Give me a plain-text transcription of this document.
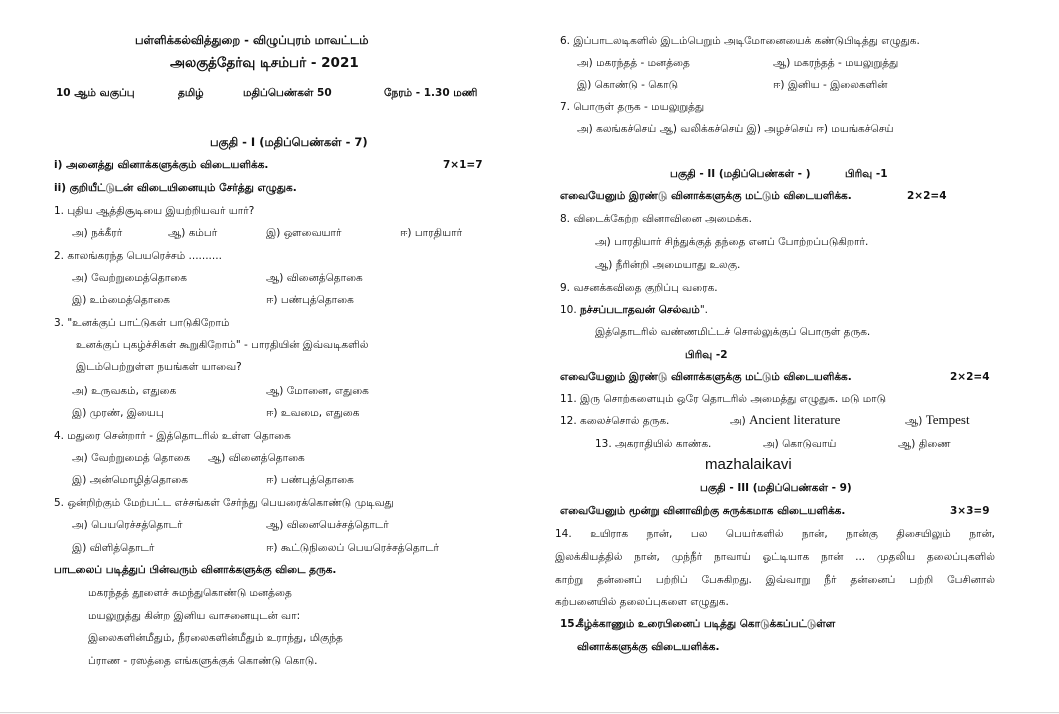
பள்ளிக்கல்வித்துறை - விழுப்புரம் மாவட்டம்
அலகுத்தேர்வு டிசம்பர் - 2021
10 ஆம் வகுப்பு	தமிழ்	மதிப்பெண்கள் 50	நேரம் - 1.30 மணி
பகுதி - I (மதிப்பெண்கள் - 7)
i) அனைத்து வினாக்களுக்கும் விடையளிக்க.	7×1=7
ii) குறியீட்டுடன் விடையினையும் சேர்த்து எழுதுக.
1. புதிய ஆத்திசூடியை இயற்றியவர் யார்?
அ) நக்கீரர்	ஆ) கம்பர்	இ) ஔவையார்	ஈ) பாரதியார்
2. காலங்கரந்த பெயரெச்சம் ..........
அ) வேற்றுமைத்தொகை	ஆ) வினைத்தொகை
இ) உம்மைத்தொகை	ஈ) பண்புத்தொகை
3. "உனக்குப் பாட்டுகள் பாடுகிறோம்
உனக்குப் புகழ்ச்சிகள் கூறுகிறோம்" - பாரதியின் இவ்வடிகளில்
இடம்பெற்றுள்ள நயங்கள் யாவை?
அ) உருவகம், எதுகை	ஆ) மோனை, எதுகை
இ) முரண், இயைபு	ஈ) உவமை, எதுகை
4. மதுரை சென்றார் - இத்தொடரில் உள்ள தொகை
அ) வேற்றுமைத் தொகை ஆ) வினைத்தொகை
இ) அன்மொழித்தொகை	ஈ) பண்புத்தொகை
5. ஒன்றிற்கும் மேற்பட்ட எச்சங்கள் சேர்ந்து பெயரைக்கொண்டு முடிவது
அ) பெயரெச்சத்தொடர்	ஆ) வினையெச்சத்தொடர்
இ) விளித்தொடர்	ஈ) கூட்டுநிலைப் பெயரெச்சத்தொடர்
பாடலைப் படித்துப் பின்வரும் வினாக்களுக்கு விடை தருக.
மகரந்தத் தூளைச் சுமந்துகொண்டு மனத்தை
மயலுறுத்து கின்ற இனிய வாசனையுடன் வா:
இலைகளின்மீதும், நீரலைகளின்மீதும் உராந்து, மிகுந்த
ப்ராண - ரஸத்தை எங்களுக்குக் கொண்டு கொடு.
6. இப்பாடலடிகளில் இடம்பெறும் அடிமோனையைக் கண்டுபிடித்து எழுதுக.
அ) மகரந்தத் - மனத்தை	ஆ) மகரந்தத் - மயலுறுத்து
இ) கொண்டு - கொடு	ஈ) இனிய - இலைகளின்
7. பொருள் தருக - மயலுறுத்து
அ) கலங்கச்செய் ஆ) வலிக்கச்செய் இ) அழச்செய் ஈ) மயங்கச்செய்
பகுதி - II (மதிப்பெண்கள் - )	பிரிவு -1
எவையேனும் இரண்டு வினாக்களுக்கு மட்டும் விடையளிக்க.	2×2=4
8. விடைக்கேற்ற வினாவினை அமைக்க.
அ) பாரதியார் சிந்துக்குத் தந்தை எனப் போற்றப்படுகிறார்.
ஆ) நீரின்றி அமையாது உலகு.
9. வசனக்கவிதை குறிப்பு வரைக.
10. நச்சப்படாதவன் செல்வம்".
இத்தொடரில் வண்ணமிட்டச் சொல்லுக்குப் பொருள் தருக.
பிரிவு -2
எவையேனும் இரண்டு வினாக்களுக்கு மட்டும் விடையளிக்க.	2×2=4
11. இரு சொற்களையும் ஒரே தொடரில் அமைத்து எழுதுக. மடு மாடு
12. கலைச்சொல் தருக.	அ) Ancient literature	ஆ) Tempest
13. அகராதியில் காண்க.	அ) கொடுவாய்	ஆ) திணை
mazhalaikavi
பகுதி - III (மதிப்பெண்கள் - 9)
எவையேனும் மூன்று வினாவிற்கு சுருக்கமாக விடையளிக்க.	3×3=9
14. உயிராக நான், பல பெயர்களில் நான், நான்கு திசையிலும் நான்,
இலக்கியத்தில் நான், முந்நீர் நாவாய் ஓட்டியாக நான் ... முதலிய தலைப்புகளில்
காற்று தன்னைப் பற்றிப் பேசுகிறது. இவ்வாறு நீர் தன்னைப் பற்றி பேசினால்
கற்பனையில் தலைப்புகளை எழுதுக.
15.
கீழ்க்காணும் உரைபினைப் படித்து கொடுக்கப்பட்டுள்ள
வினாக்களுக்கு விடையளிக்க.
